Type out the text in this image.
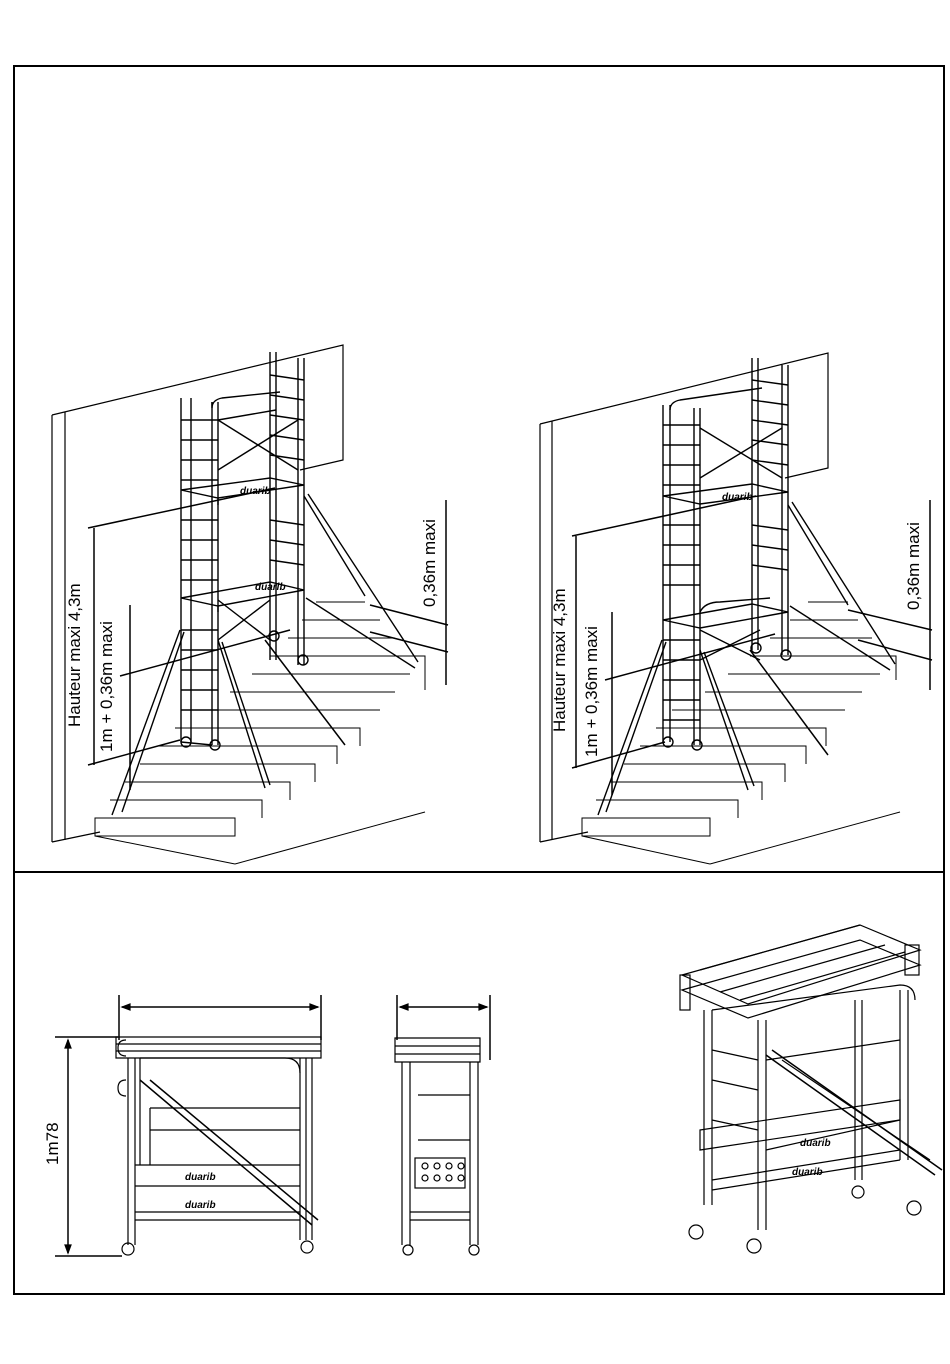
duarib
duarib
Hauteur maxi 4,3m 1m + 0,36m maxi
0,36m maxi
duarib
Hauteur maxi 4,3m 1m + 0,36m maxi
0,36m maxi
1m78
duarib
duarib
duarib
duarib
